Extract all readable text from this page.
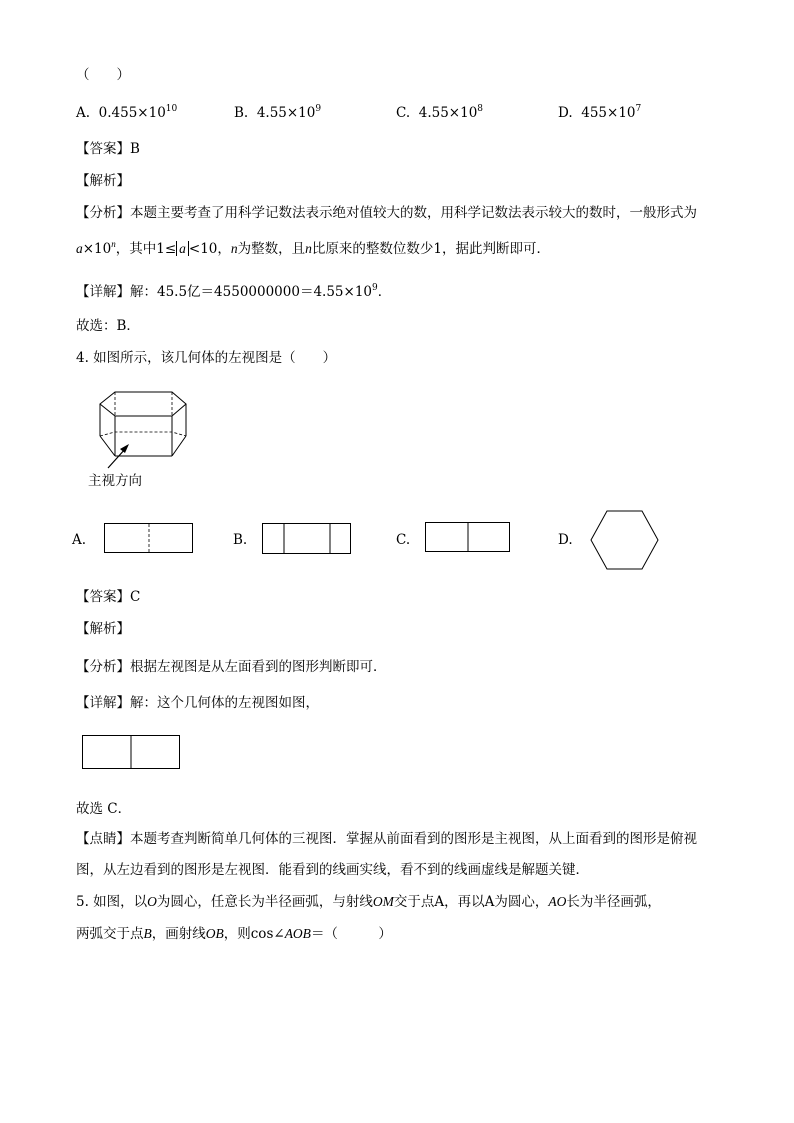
（　　）
A. $0.455\times 10^{10}$	B. $4.55\times 10^9$	C. $4.55\times 10^8$	D. $455\times 10^7$
【答案】B
【解析】
【分析】本题主要考查了用科学记数法表示绝对值较大的数，用科学记数法表示较大的数时，一般形式为
$a\times 10^n$，其中1≤ a <10，n为整数，且n比原来的整数位数少1，据此判断即可．
【详解】解：45.5亿$=4550000000=4.55\times 10^9$．
故选：B．
4. 如图所示，该几何体的左视图是（　　）
主视方向
A.	B.	C.	D.
【答案】C
【解析】
【分析】根据左视图是从左面看到的图形判断即可．
【详解】解：这个几何体的左视图如图，
故选 C．
【点睛】本题考查判断简单几何体的三视图．掌握从前面看到的图形是主视图，从上面看到的图形是俯视
图，从左边看到的图形是左视图．能看到的线画实线，看不到的线画虚线是解题关键．
5. 如图，以O为圆心，任意长为半径画弧，与射线OM交于点A，再以A为圆心，AO长为半径画弧，
两弧交于点B，画射线OB，则cos∠AOB＝（　　　）
